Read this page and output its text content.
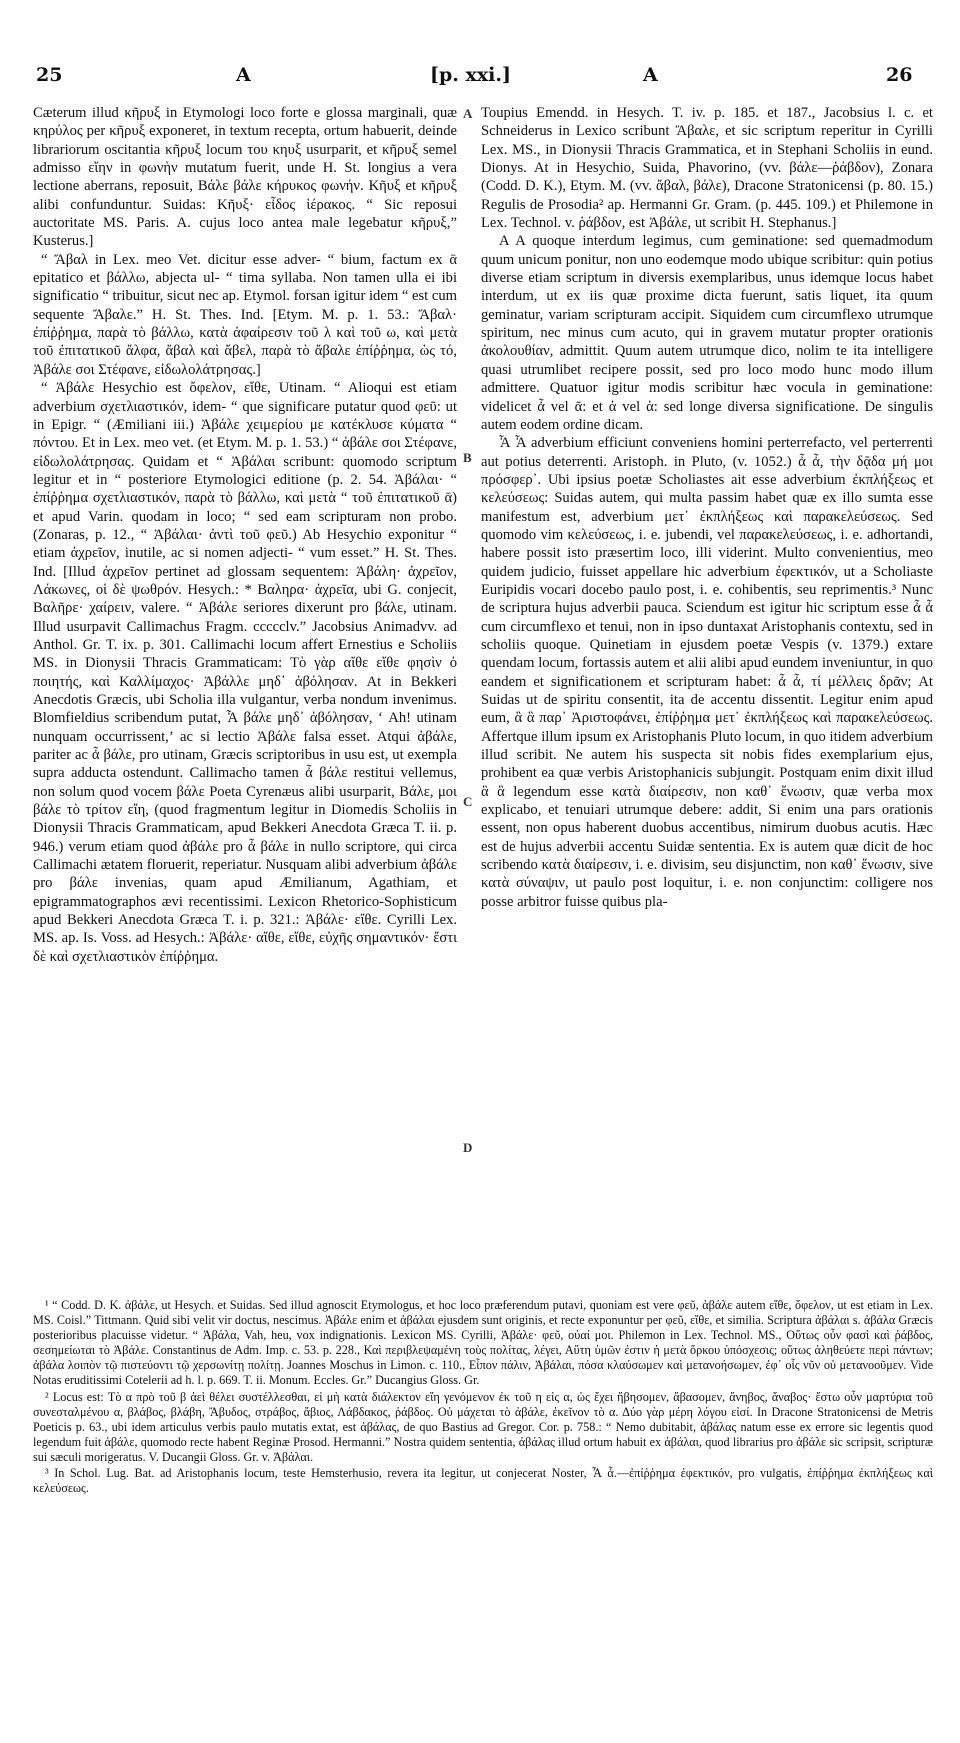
25	A	[p. xxi.]	A	26

Cæterum illud κῆρυξ in Etymologi loco forte e glossa marginali, quæ κηρύλος per κῆρυξ exponeret, in textum recepta, ortum habuerit, deinde librariorum oscitantia κῆρυξ locum του κηυξ usurparit, et κῆρυξ semel admisso εἴην in φωνὴν mutatum fuerit, unde H. St. longius a vera lectione aberrans, reposuit, Βάλε βάλε κήρυκος φωνήν. Κῆυξ et κῆρυξ alibi confunduntur. Suidas: Κῆυξ· εἶδος ἱέρακος. “ Sic reposui auctoritate MS. Paris. A. cujus loco antea male legebatur κῆρυξ,” Kusterus.]

“ Ἄβαλ in Lex. meo Vet. dicitur esse adver- “ bium, factum ex ᾱ epitatico et βάλλω, abjecta ul- “ tima syllaba. Non tamen ulla ei ibi significatio “ tribuitur, sicut nec ap. Etymol. forsan igitur idem “ est cum sequente Ἄβαλε.” H. St. Thes. Ind. [Etym. M. p. 1. 53.: Ἄβαλ· ἐπίῤῥημα, παρὰ τὸ βάλλω, κατὰ ἀφαίρεσιν τοῦ λ καὶ τοῦ ω, καὶ μετὰ τοῦ ἐπιτατικοῦ ἄλφα, ἄβαλ καὶ ἄβελ, παρὰ τὸ ἄβαλε ἐπίῤῥημα, ὡς τό, Ἀβάλε σοι Στέφανε, εἰδωλολάτρησας.]

“ Ἀβάλε Hesychio est ὄφελον, εἴθε, Utinam. “ Alioqui est etiam adverbium σχετλιαστικόν, idem- “ que significare putatur quod φεῦ: ut in Epigr. “ (Æmiliani iii.) Ἀβάλε χειμερίου με κατέκλυσε κύματα “ πόντου. Et in Lex. meo vet. (et Etym. M. p. 1. 53.) “ ἀβάλε σοι Στέφανε, εἰδωλολάτρησας. Quidam et “ Ἀβάλαι scribunt: quomodo scriptum legitur et in “ posteriore Etymologici editione (p. 2. 54. Ἀβάλαι· “ ἐπίῤῥημα σχετλιαστικόν, παρὰ τὸ βάλλω, καὶ μετὰ “ τοῦ ἐπιτατικοῦ ᾱ) et apud Varin. quodam in loco; “ sed eam scripturam non probo. (Zonaras, p. 12., “ Ἀβάλαι· ἀντὶ τοῦ φεῦ.) Ab Hesychio exponitur “ etiam ἀχρεῖον, inutile, ac si nomen adjecti- “ vum esset.” H. St. Thes. Ind. [Illud ἀχρεῖον pertinet ad glossam sequentem: Ἀβάλη· ἀχρεῖον, Λάκωνες, οἱ δὲ ψωθρόν. Hesych.: * Βαληρα· ἀχρεῖα, ubi G. conjecit, Βαλῆρε· χαίρειν, valere. “ Ἀβάλε seriores dixerunt pro βάλε, utinam. Illud usurpavit Callimachus Fragm. ccccclv.” Jacobsius Animadvv. ad Anthol. Gr. T. ix. p. 301. Callimachi locum affert Ernestius e Scholiis MS. in Dionysii Thracis Grammaticam: Τὸ γὰρ αἴθε εἴθε φησὶν ὁ ποιητής, καὶ Καλλίμαχος· Ἀβάλλε μηδ᾽ ἀβόλησαν. At in Bekkeri Anecdotis Græcis, ubi Scholia illa vulgantur, verba nondum invenimus. Blomfieldius scribendum putat, Ἆ βάλε μηδ᾽ ἀβόλησαν, ‘ Ah! utinam nunquam occurrissent,’ ac si lectio Ἀβάλε falsa esset. Atqui ἀβάλε, pariter ac ἆ βάλε, pro utinam, Græcis scriptoribus in usu est, ut exempla supra adducta ostendunt. Callimacho tamen ἆ βάλε restitui vellemus, non solum quod vocem βάλε Poeta Cyrenæus alibi usurparit, Βάλε, μοι βάλε τὸ τρίτον εἴη, (quod fragmentum legitur in Diomedis Scholiis in Dionysii Thracis Grammaticam, apud Bekkeri Anecdota Græca T. ii. p. 946.) verum etiam quod ἀβάλε pro ἆ βάλε in nullo scriptore, qui circa Callimachi ætatem floruerit, reperiatur. Nusquam alibi adverbium ἀβάλε pro βάλε invenias, quam apud Æmilianum, Agathiam, et epigrammatographos ævi recentissimi. Lexicon Rhetorico-Sophisticum apud Bekkeri Anecdota Græca T. i. p. 321.: Ἀβάλε· εἴθε. Cyrilli Lex. MS. ap. Is. Voss. ad Hesych.: Ἀβάλε· αἴθε, εἴθε, εὐχῆς σημαντικόν· ἔστι δὲ καὶ σχετλιαστικὸν ἐπίῤῥημα.

A
B
C
D

Toupius Emendd. in Hesych. T. iv. p. 185. et 187., Jacobsius l. c. et Schneiderus in Lexico scribunt Ἄβαλε, et sic scriptum reperitur in Cyrilli Lex. MS., in Dionysii Thracis Grammatica, et in Stephani Scholiis in eund. Dionys. At in Hesychio, Suida, Phavorino, (vv. βάλε—ῥάβδον), Zonara (Codd. D. K.), Etym. M. (vv. ἄβαλ, βάλε), Dracone Stratonicensi (p. 80. 15.) Regulis de Prosodia² ap. Hermanni Gr. Gram. (p. 445. 109.) et Philemone in Lex. Technol. v. ῥάβδον, est Ἀβάλε, ut scribit H. Stephanus.]

A A quoque interdum legimus, cum geminatione: sed quemadmodum quum unicum ponitur, non uno eodemque modo ubique scribitur: quin potius diverse etiam scriptum in diversis exemplaribus, unus idemque locus habet interdum, ut ex iis quæ proxime dicta fuerunt, satis liquet, ita quum geminatur, variam scripturam accipit. Siquidem cum circumflexo utrumque spiritum, nec minus cum acuto, qui in gravem mutatur propter orationis ἀκολουθίαν, admittit. Quum autem utrumque dico, nolim te ita intelligere quasi utrumlibet recipere possit, sed pro loco modo hunc modo illum admittere. Quatuor igitur modis scribitur hæc vocula in geminatione: videlicet ἆ vel ᾶ: et ἀ vel ἁ: sed longe diversa significatione. De singulis autem eodem ordine dicam.

Ἆ Ἆ adverbium efficiunt conveniens homini perterrefacto, vel perterrenti aut potius deterrenti. Aristoph. in Pluto, (v. 1052.) ἆ ἆ, τὴν δᾷδα μή μοι πρόσφερ᾽. Ubi ipsius poetæ Scholiastes ait esse adverbium ἐκπλήξεως et κελεύσεως: Suidas autem, qui multa passim habet quæ ex illo sumta esse manifestum est, adverbium μετ᾽ ἐκπλήξεως καὶ παρακελεύσεως. Sed quomodo vim κελεύσεως, i. e. jubendi, vel παρακελεύσεως, i. e. adhortandi, habere possit isto præsertim loco, illi viderint. Multo convenientius, meo quidem judicio, fuisset appellare hic adverbium ἐφεκτικόν, ut a Scholiaste Euripidis vocari docebo paulo post, i. e. cohibentis, seu reprimentis.³ Nunc de scriptura hujus adverbii pauca. Sciendum est igitur hic scriptum esse ἆ ἆ cum circumflexo et tenui, non in ipso duntaxat Aristophanis contextu, sed in scholiis quoque. Quinetiam in ejusdem poetæ Vespis (v. 1379.) extare quendam locum, fortassis autem et alii alibi apud eundem inveniuntur, in quo eandem et significationem et scripturam habet: ἆ ἆ, τί μέλλεις δρᾶν; At Suidas ut de spiritu consentit, ita de accentu dissentit. Legitur enim apud eum, ἃ ἃ παρ᾽ Ἀριστοφάνει, ἐπίῤῥημα μετ᾽ ἐκπλήξεως καὶ παρακελεύσεως. Affertque illum ipsum ex Aristophanis Pluto locum, in quo itidem adverbium illud scribit. Ne autem his suspecta sit nobis fides exemplarium ejus, prohibent ea quæ verbis Aristophanicis subjungit. Postquam enim dixit illud ἃ ἃ legendum esse κατὰ διαίρεσιν, non καθ᾽ ἕνωσιν, quæ verba mox explicabo, et tenuiari utrumque debere: addit, Si enim una pars orationis essent, non opus haberent duobus accentibus, nimirum duobus acutis. Hæc est de hujus adverbii accentu Suidæ sententia. Ex is autem quæ dicit de hoc scribendo κατὰ διαίρεσιν, i. e. divisim, seu disjunctim, non καθ᾽ ἕνωσιν, sive κατὰ σύναψιν, ut paulo post loquitur, i. e. non conjunctim: colligere nos posse arbitror fuisse quibus pla-

¹ “ Codd. D. K. ἀβάλε, ut Hesych. et Suidas. Sed illud agnoscit Etymologus, et hoc loco præferendum putavi, quoniam est vere φεῦ, ἀβάλε autem εἴθε, ὄφελον, ut est etiam in Lex. MS. Coisl.” Tittmann. Quid sibi velit vir doctus, nescimus. Ἀβάλε enim et ἀβάλαι ejusdem sunt originis, et recte exponuntur per φεῦ, εἴθε, et similia. Scriptura ἀβάλαι s. ἀβάλα Græcis posterioribus placuisse videtur. “ Ἀβάλα, Vah, heu, vox indignationis. Lexicon MS. Cyrilli, Ἀβάλε· φεῦ, οὐαί μοι. Philemon in Lex. Technol. MS., Οὕτως οὖν φασὶ καὶ ῥάβδος, σεσημείωται τὸ Ἀβάλε. Constantinus de Adm. Imp. c. 53. p. 228., Καὶ περιβλεψαμένη τοὺς πολίτας, λέγει, Αὕτη ὑμῶν ἐστιν ἡ μετὰ ὅρκου ὑπόσχεσις; οὕτως ἀληθεύετε περὶ πάντων; ἀβάλα λοιπὸν τῷ πιστεύοντι τῷ χερσωνίτῃ πολίτῃ. Joannes Moschus in Limon. c. 110., Εἶπον πάλιν, Ἀβάλαι, πόσα κλαύσωμεν καὶ μετανοήσωμεν, ἐφ᾽ οἷς νῦν οὐ μετανοοῦμεν. Vide Notas eruditissimi Cotelerii ad h. l. p. 669. T. ii. Monum. Eccles. Gr.” Ducangius Gloss. Gr.

² Locus est: Τὸ α πρὸ τοῦ β ἀεὶ θέλει συστέλλεσθαι, εἰ μὴ κατὰ διάλεκτον εἴη γενόμενον ἐκ τοῦ η εἰς α, ὡς ἔχει ἤβησομεν, ἄβασομεν, ἄνηβος, ἄναβος· ἔστω οὖν μαρτύρια τοῦ συνεσταλμένου α, βλάβος, βλάβη, Ἄβυδος, στράβος, ἄβιος, Λάβδακος, ῥάβδος. Οὐ μάχεται τὸ ἀβάλε, ἐκεῖνον τὸ α. Δύο γὰρ μέρη λόγου εἰσί. In Dracone Stratonicensi de Metris Poeticis p. 63., ubi idem articulus verbis paulo mutatis extat, est ἀβάλας, de quo Bastius ad Gregor. Cor. p. 758.: “ Nemo dubitabit, ἀβάλας natum esse ex errore sic legentis quod legendum fuit ἀβάλε, quomodo recte habent Reginæ Prosod. Hermanni.” Nostra quidem sententia, ἀβάλας illud ortum habuit ex ἀβάλαι, quod librarius pro ἀβάλε sic scripsit, scripturæ sui sæculi morigeratus. V. Ducangii Gloss. Gr. v. Ἀβάλαι.

³ In Schol. Lug. Bat. ad Aristophanis locum, teste Hemsterhusio, revera ita legitur, ut conjecerat Noster, Ἆ ἆ.—ἐπίῤῥημα ἐφεκτικόν, pro vulgatis, ἐπίῤῥημα ἐκπλήξεως καὶ κελεύσεως.
